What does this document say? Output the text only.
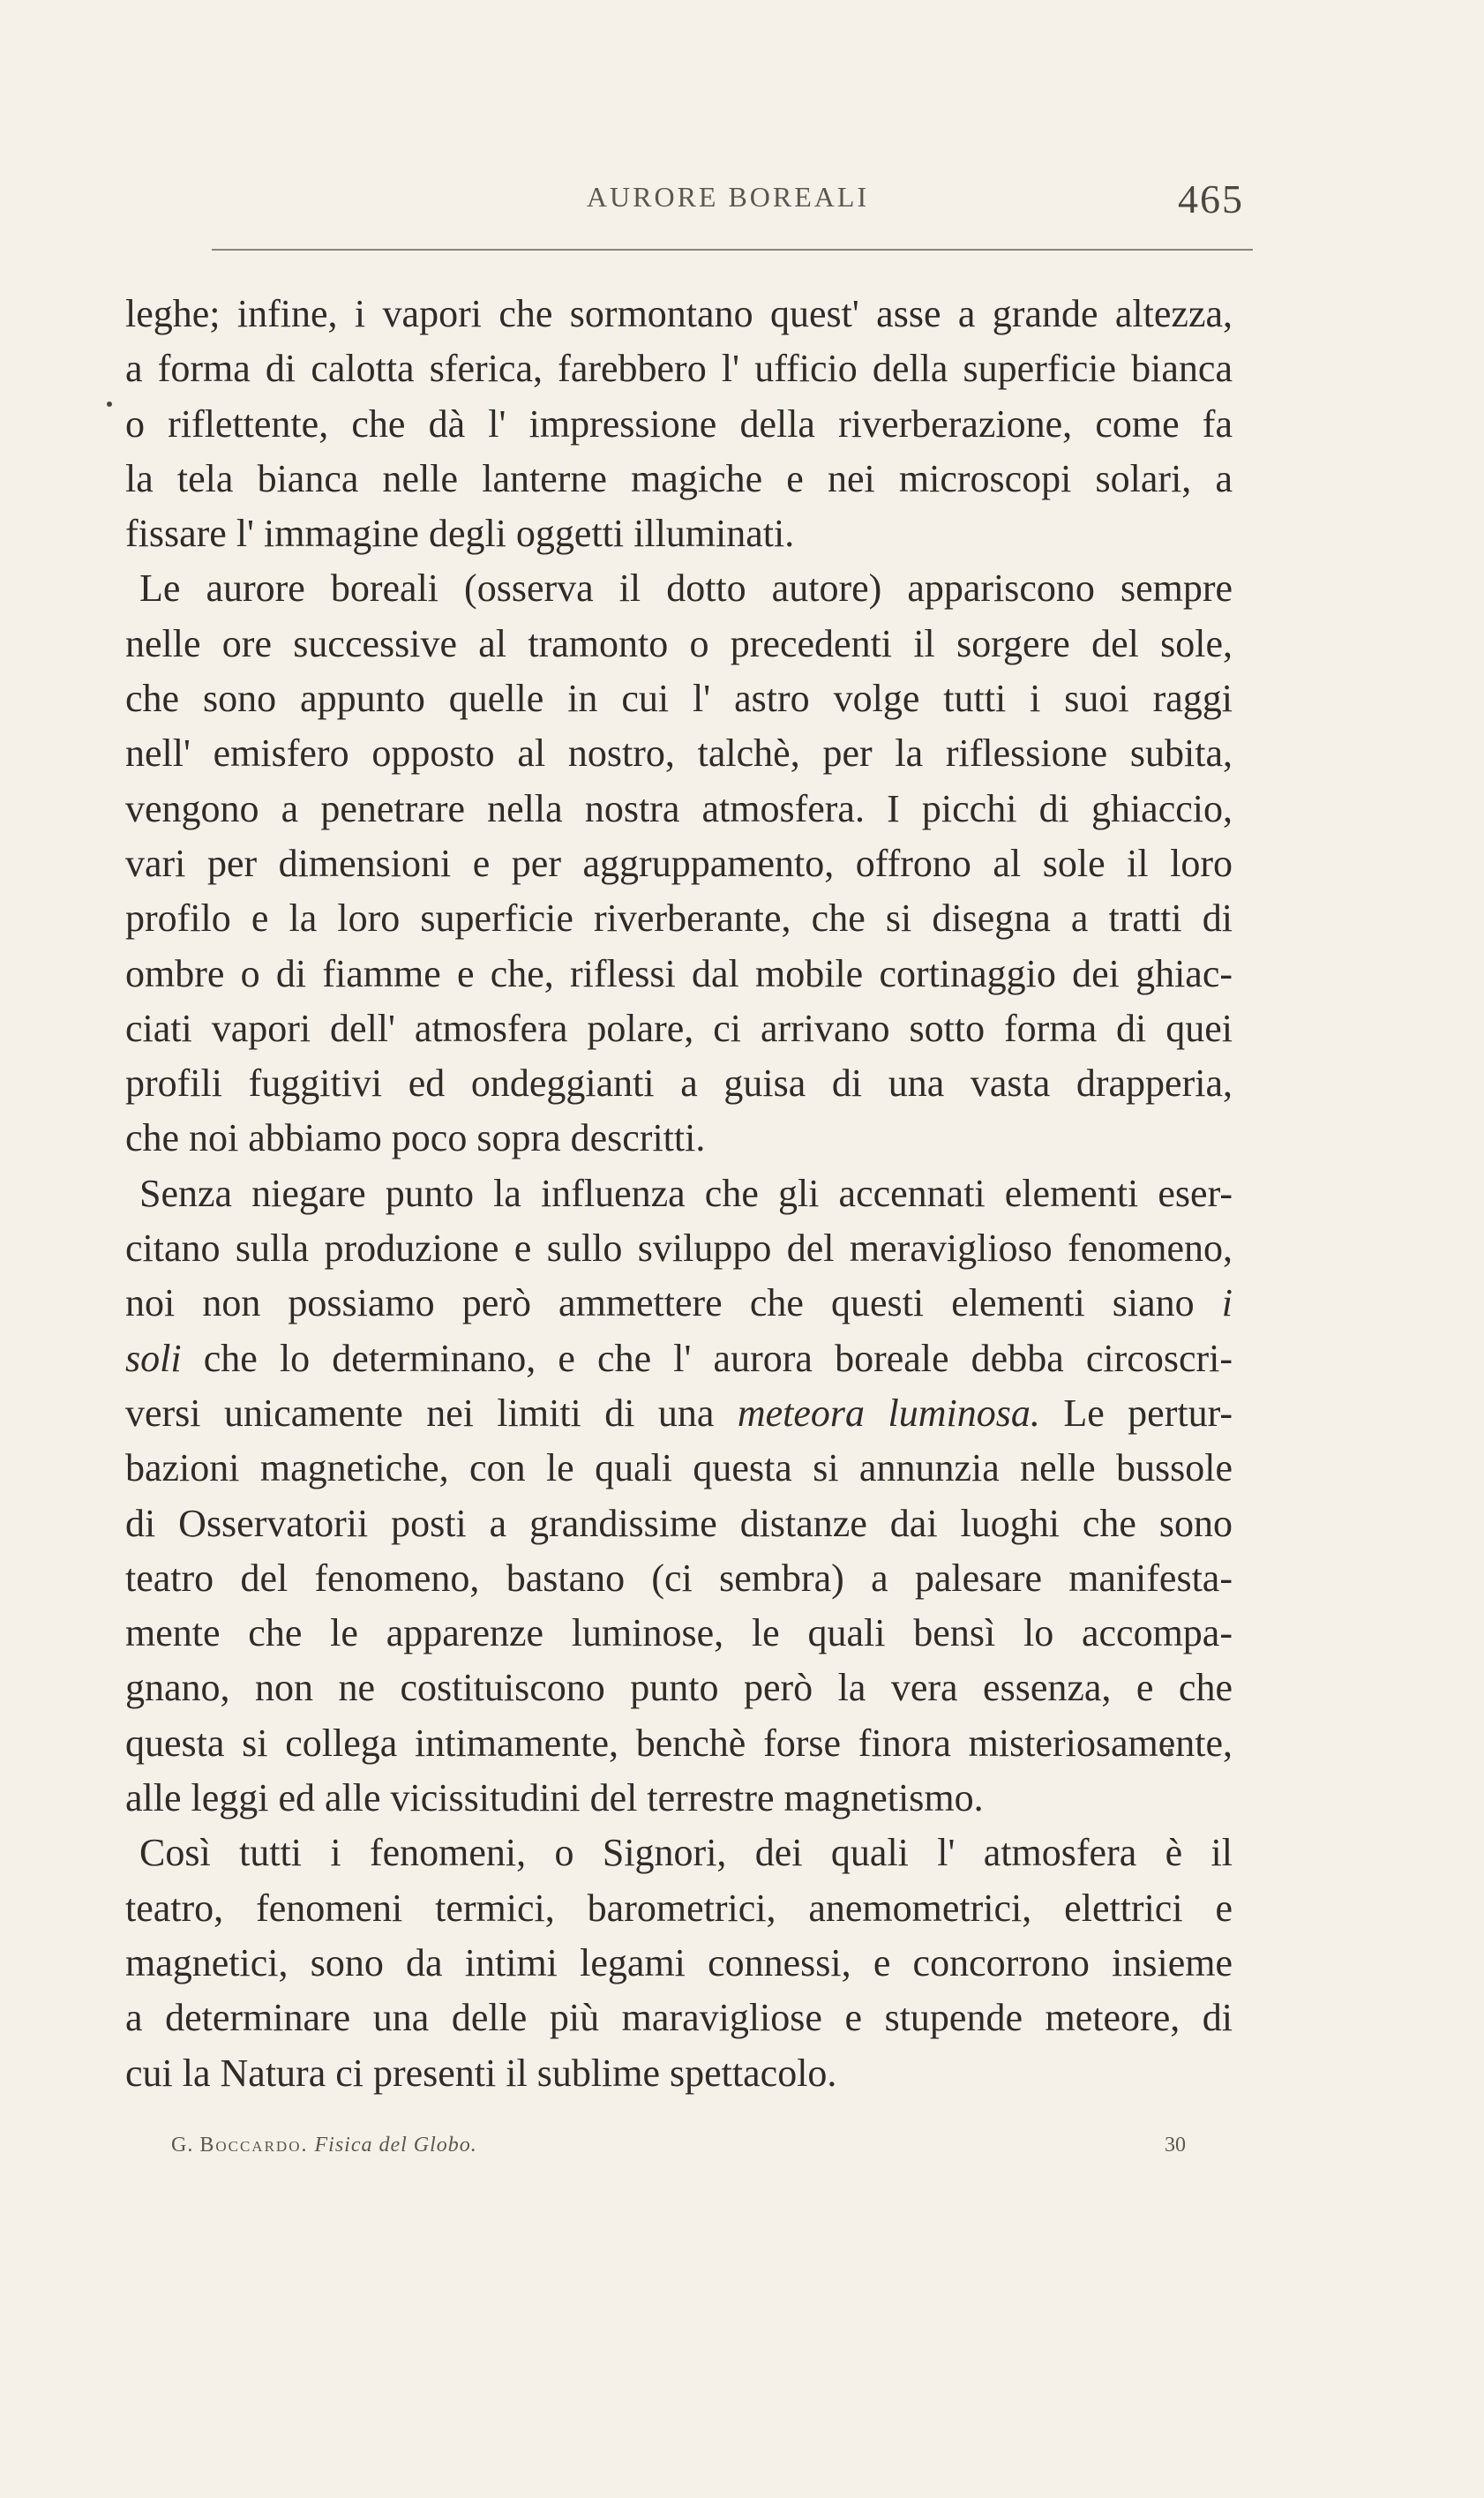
AURORE BOREALI	465
leghe; infine, i vapori che sormontano quest' asse a grande altezza,
a forma di calotta sferica, farebbero l' ufficio della superficie bianca
o riflettente, che dà l' impressione della riverberazione, come fa
la tela bianca nelle lanterne magiche e nei microscopi solari, a
fissare l' immagine degli oggetti illuminati.
Le aurore boreali (osserva il dotto autore) appariscono sempre
nelle ore successive al tramonto o precedenti il sorgere del sole,
che sono appunto quelle in cui l' astro volge tutti i suoi raggi
nell' emisfero opposto al nostro, talchè, per la riflessione subita,
vengono a penetrare nella nostra atmosfera. I picchi di ghiaccio,
vari per dimensioni e per aggruppamento, offrono al sole il loro
profilo e la loro superficie riverberante, che si disegna a tratti di
ombre o di fiamme e che, riflessi dal mobile cortinaggio dei ghiac-
ciati vapori dell' atmosfera polare, ci arrivano sotto forma di quei
profili fuggitivi ed ondeggianti a guisa di una vasta drapperia,
che noi abbiamo poco sopra descritti.
Senza niegare punto la influenza che gli accennati elementi eser-
citano sulla produzione e sullo sviluppo del meraviglioso fenomeno,
noi non possiamo però ammettere che questi elementi siano i
soli che lo determinano, e che l' aurora boreale debba circoscri-
versi unicamente nei limiti di una meteora luminosa. Le pertur-
bazioni magnetiche, con le quali questa si annunzia nelle bussole
di Osservatorii posti a grandissime distanze dai luoghi che sono
teatro del fenomeno, bastano (ci sembra) a palesare manifesta-
mente che le apparenze luminose, le quali bensì lo accompa-
gnano, non ne costituiscono punto però la vera essenza, e che
questa si collega intimamente, benchè forse finora misteriosamente,
alle leggi ed alle vicissitudini del terrestre magnetismo.
Così tutti i fenomeni, o Signori, dei quali l' atmosfera è il
teatro, fenomeni termici, barometrici, anemometrici, elettrici e
magnetici, sono da intimi legami connessi, e concorrono insieme
a determinare una delle più maravigliose e stupende meteore, di
cui la Natura ci presenti il sublime spettacolo.
G. Boccardo. Fisica del Globo.	30
